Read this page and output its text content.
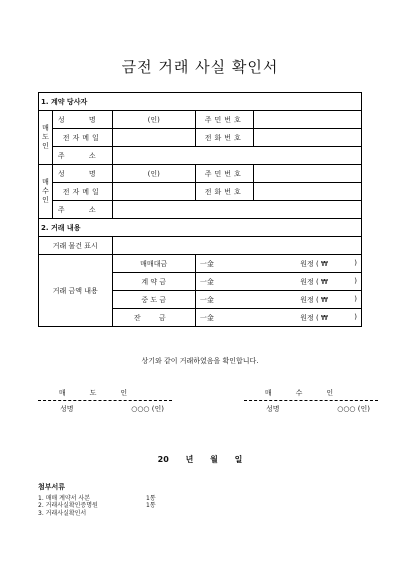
금전 거래 사실 확인서
1. 계약 당사자				
매
도
인	성 명	(인)	주민번호	
	전자메일		전화번호	
	주 소			
매
수
인	성 명	(인)	주민번호	
	전자메일		전화번호	
	주 소			
2. 거래 내용				
거래 물건 표시				
거래 금액 내용		매매대금	一金 원정 ( ₩ )	

		계 약 금	一金 원정 ( ₩ )	

		중 도 금	一金 원정 ( ₩ )	

		잔 금	一金 원정 ( ₩ )	
상기와 같이 거래하였음을 확인합니다.
매도인
성명	○○○ (인)
매수인
성명	○○○ (인)
20 년 월 일
첨부서류
1. 매매 계약서 사본	1통
2. 거래사실확인증명원	1통
3. 거래사실확인서
